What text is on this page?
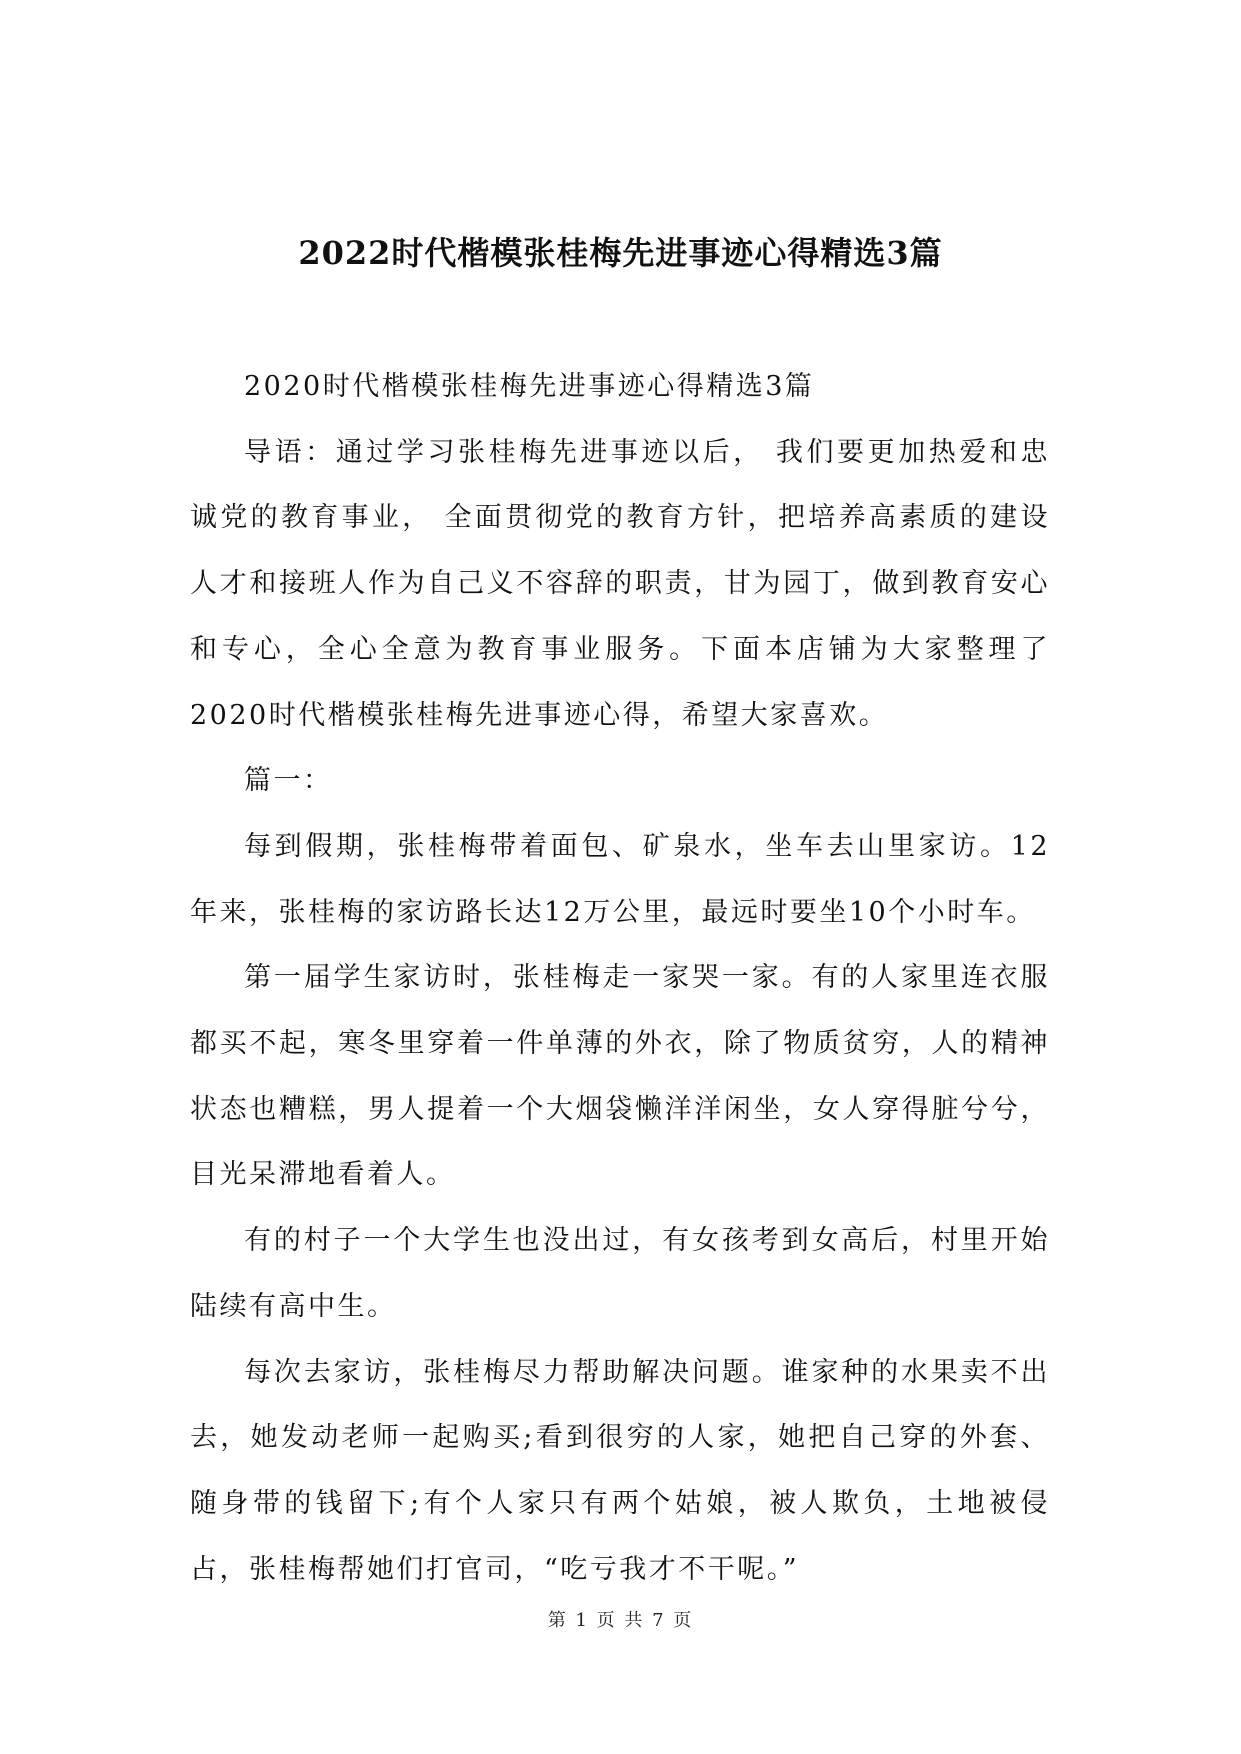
2022时代楷模张桂梅先进事迹心得精选3篇

2020时代楷模张桂梅先进事迹心得精选3篇

导语：通过学习张桂梅先进事迹以后， 我们要更加热爱和忠诚党的教育事业， 全面贯彻党的教育方针，把培养高素质的建设人才和接班人作为自己义不容辞的职责，甘为园丁，做到教育安心和专心，全心全意为教育事业服务。下面本店铺为大家整理了2020时代楷模张桂梅先进事迹心得，希望大家喜欢。

篇一：

每到假期，张桂梅带着面包、矿泉水，坐车去山里家访。12年来，张桂梅的家访路长达12万公里，最远时要坐10个小时车。

第一届学生家访时，张桂梅走一家哭一家。有的人家里连衣服都买不起，寒冬里穿着一件单薄的外衣，除了物质贫穷，人的精神状态也糟糕，男人提着一个大烟袋懒洋洋闲坐，女人穿得脏兮兮，目光呆滞地看着人。

有的村子一个大学生也没出过，有女孩考到女高后，村里开始陆续有高中生。

每次去家访，张桂梅尽力帮助解决问题。谁家种的水果卖不出去，她发动老师一起购买;看到很穷的人家，她把自己穿的外套、随身带的钱留下;有个人家只有两个姑娘，被人欺负，土地被侵占，张桂梅帮她们打官司，“吃亏我才不干呢。”

第 1 页 共 7 页
